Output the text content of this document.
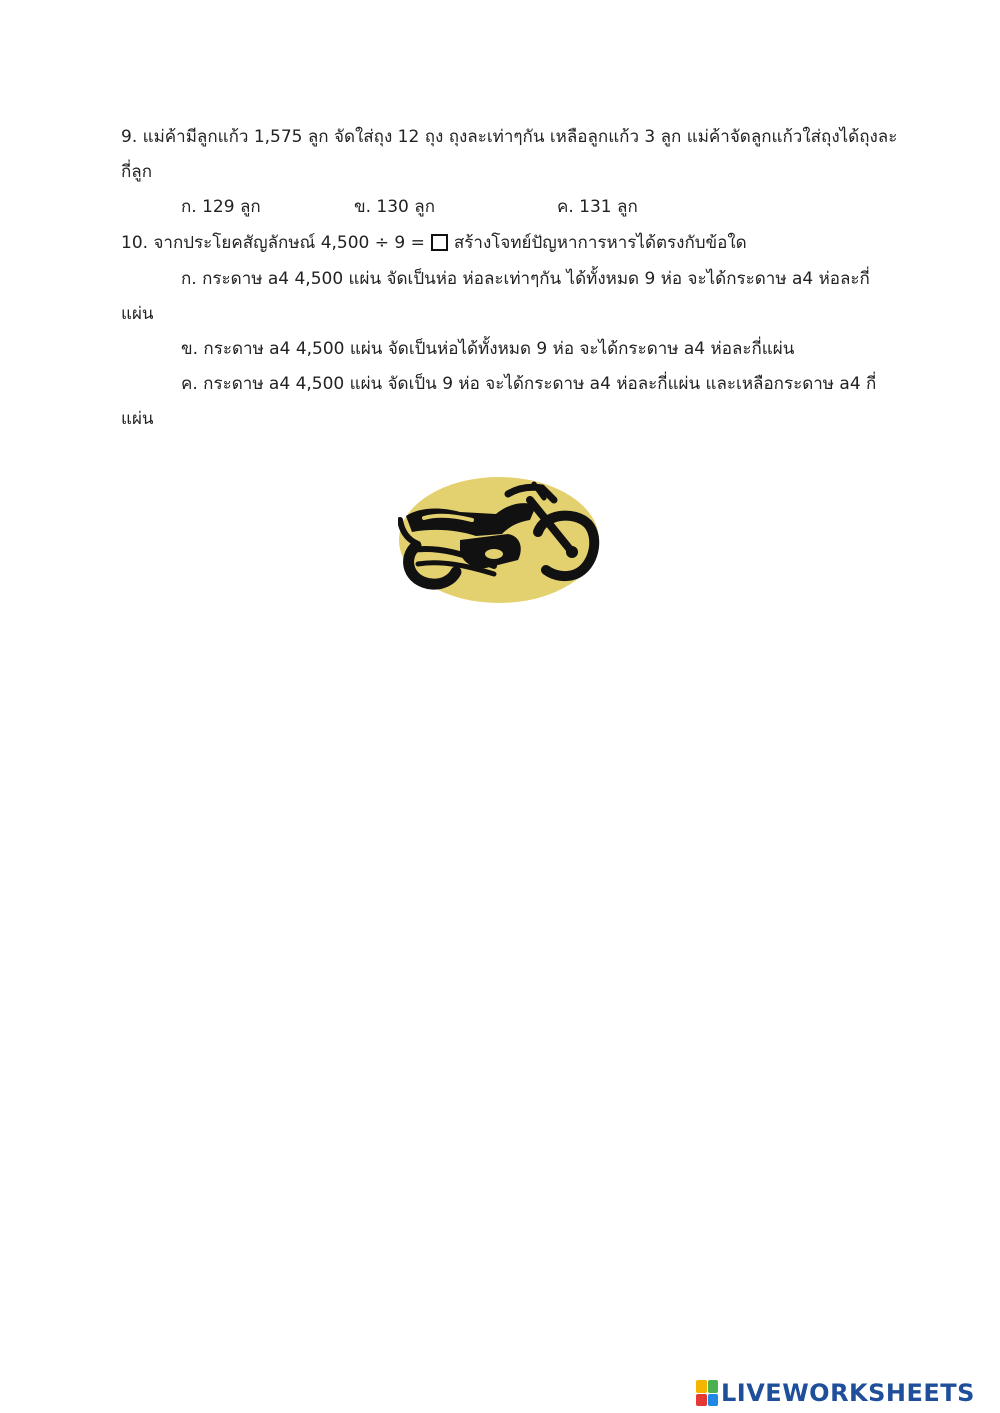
9. แม่ค้ามีลูกแก้ว 1,575 ลูก จัดใส่ถุง 12 ถุง ถุงละเท่าๆกัน เหลือลูกแก้ว 3 ลูก แม่ค้าจัดลูกแก้วใส่ถุงได้ถุงละ
กี่ลูก
ก. 129 ลูก	ข. 130 ลูก	ค. 131 ลูก
10. จากประโยคสัญลักษณ์ 4,500 ÷ 9 = สร้างโจทย์ปัญหาการหารได้ตรงกับข้อใด
ก. กระดาษ a4 4,500 แผ่น จัดเป็นห่อ ห่อละเท่าๆกัน ได้ทั้งหมด 9 ห่อ จะได้กระดาษ a4 ห่อละกี่
แผ่น
ข. กระดาษ a4 4,500 แผ่น จัดเป็นห่อได้ทั้งหมด 9 ห่อ จะได้กระดาษ a4 ห่อละกี่แผ่น
ค. กระดาษ a4 4,500 แผ่น จัดเป็น 9 ห่อ จะได้กระดาษ a4 ห่อละกี่แผ่น และเหลือกระดาษ a4 กี่
แผ่น
LIVEWORKSHEETS
